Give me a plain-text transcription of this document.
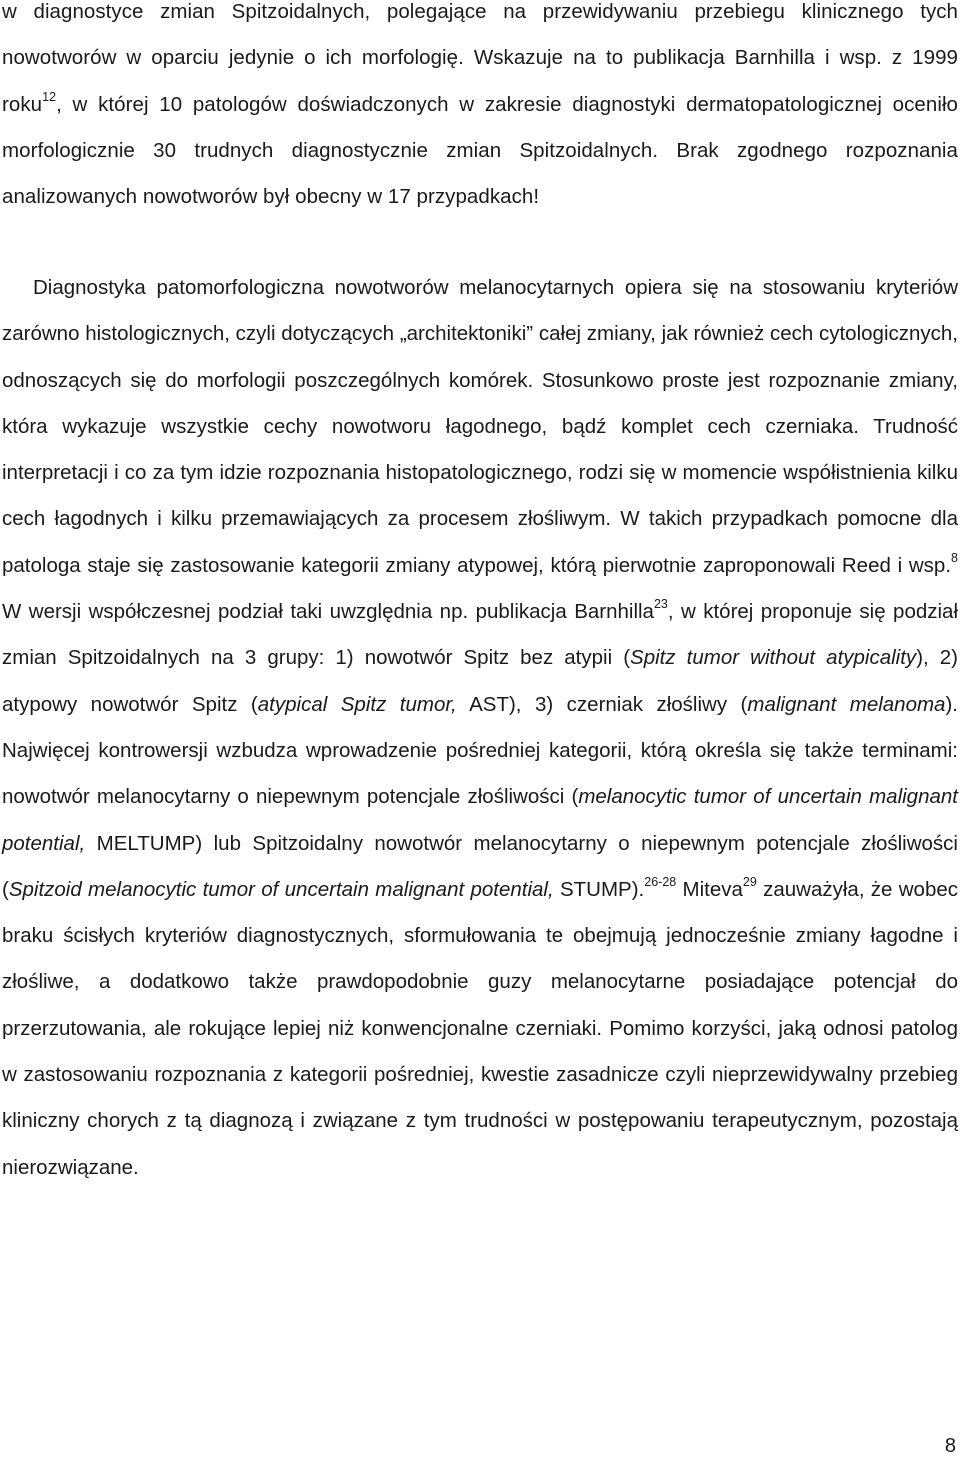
w diagnostyce zmian Spitzoidalnych, polegające na przewidywaniu przebiegu klinicznego tych nowotworów w oparciu jedynie o ich morfologię. Wskazuje na to publikacja Barnhilla i wsp. z 1999 roku$^{12}$, w której 10 patologów doświadczonych w zakresie diagnostyki dermatopatologicznej oceniło morfologicznie 30 trudnych diagnostycznie zmian Spitzoidalnych. Brak zgodnego rozpoznania analizowanych nowotworów był obecny w 17 przypadkach!

Diagnostyka patomorfologiczna nowotworów melanocytarnych opiera się na stosowaniu kryteriów zarówno histologicznych, czyli dotyczących „architektoniki” całej zmiany, jak również cech cytologicznych, odnoszących się do morfologii poszczególnych komórek. Stosunkowo proste jest rozpoznanie zmiany, która wykazuje wszystkie cechy nowotworu łagodnego, bądź komplet cech czerniaka. Trudność interpretacji i co za tym idzie rozpoznania histopatologicznego, rodzi się w momencie współistnienia kilku cech łagodnych i kilku przemawiających za procesem złośliwym. W takich przypadkach pomocne dla patologa staje się zastosowanie kategorii zmiany atypowej, którą pierwotnie zaproponowali Reed i wsp.$^8$ W wersji współczesnej podział taki uwzględnia np. publikacja Barnhilla$^{23}$, w której proponuje się podział zmian Spitzoidalnych na 3 grupy: 1) nowotwór Spitz bez atypii (Spitz tumor without atypicality), 2) atypowy nowotwór Spitz (atypical Spitz tumor, AST), 3) czerniak złośliwy (malignant melanoma). Najwięcej kontrowersji wzbudza wprowadzenie pośredniej kategorii, którą określa się także terminami: nowotwór melanocytarny o niepewnym potencjale złośliwości (melanocytic tumor of uncertain malignant potential, MELTUMP) lub Spitzoidalny nowotwór melanocytarny o niepewnym potencjale złośliwości (Spitzoid melanocytic tumor of uncertain malignant potential, STUMP).$^{26-28}$ Miteva$^{29}$ zauważyła, że wobec braku ścisłych kryteriów diagnostycznych, sformułowania te obejmują jednocześnie zmiany łagodne i złośliwe, a dodatkowo także prawdopodobnie guzy melanocytarne posiadające potencjał do przerzutowania, ale rokujące lepiej niż konwencjonalne czerniaki. Pomimo korzyści, jaką odnosi patolog w zastosowaniu rozpoznania z kategorii pośredniej, kwestie zasadnicze czyli nieprzewidywalny przebieg kliniczny chorych z tą diagnozą i związane z tym trudności w postępowaniu terapeutycznym, pozostają nierozwiązane.

8
